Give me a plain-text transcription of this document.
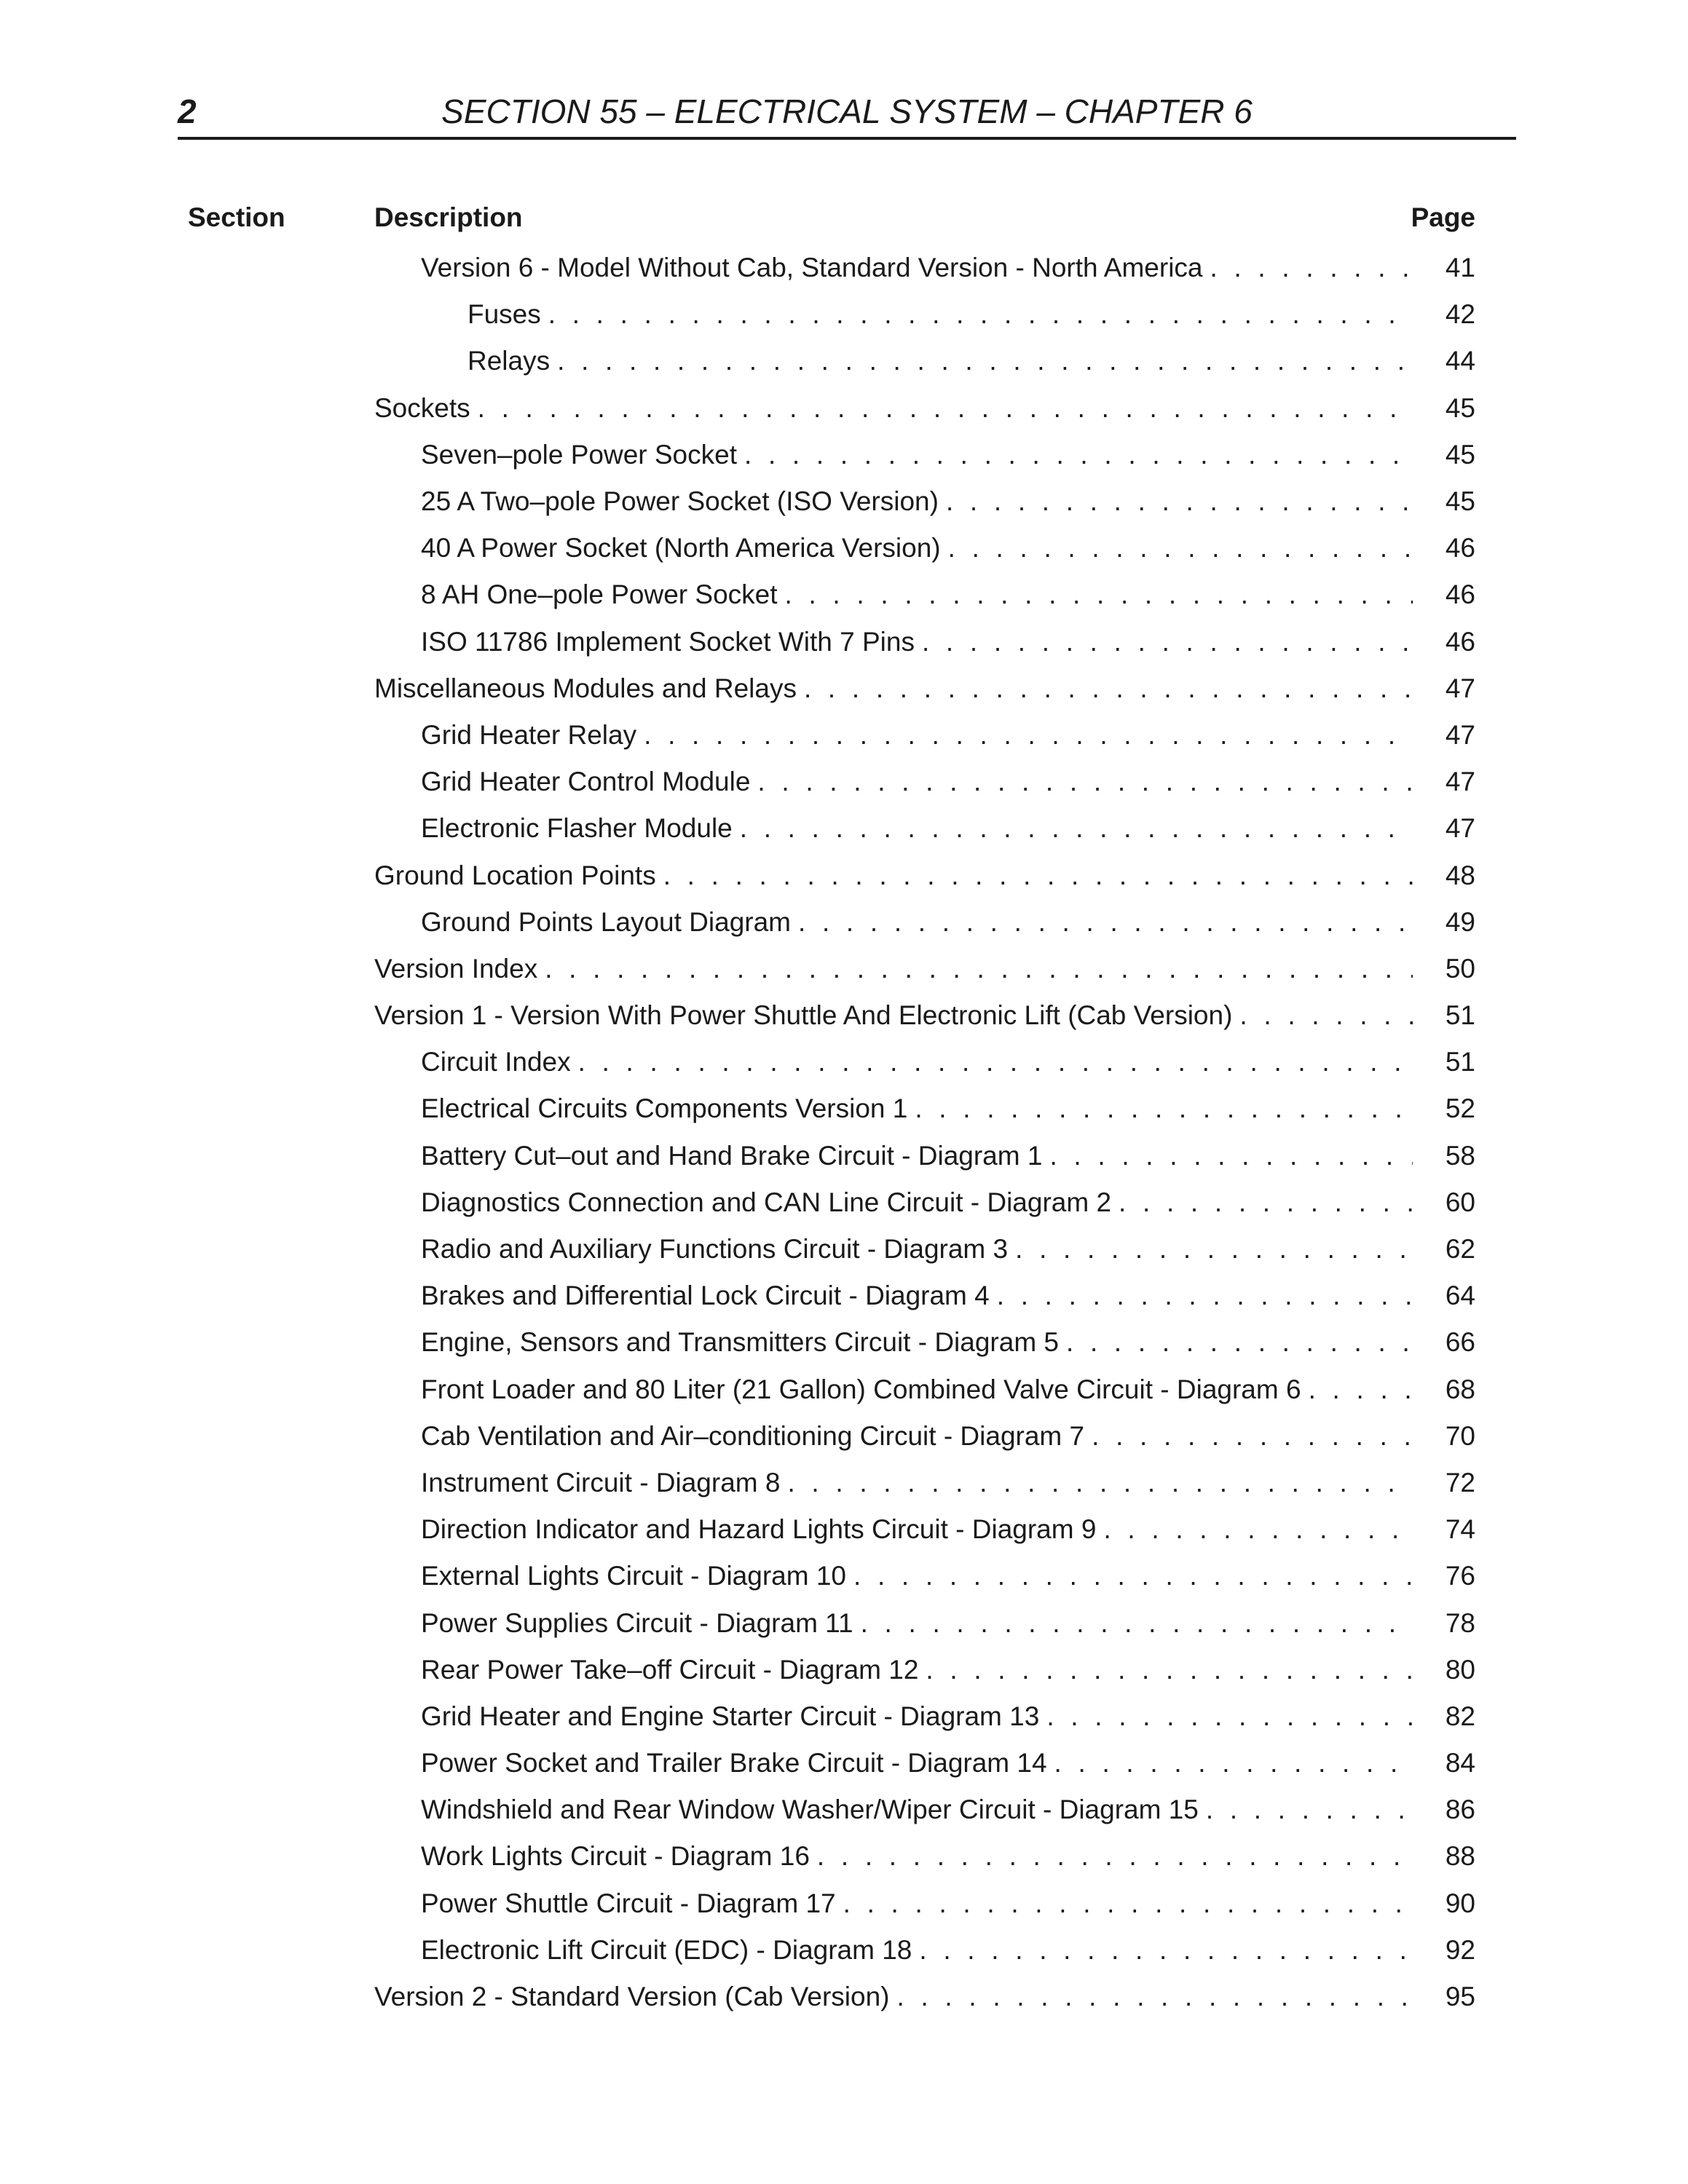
2	SECTION 55 – ELECTRICAL SYSTEM – CHAPTER 6
Section	Description	Page
Version 6 - Model Without Cab, Standard Version - North America . . .	41
Fuses . . .	42
Relays . . .	44
Sockets . . .	45
Seven–pole Power Socket . . .	45
25 A Two–pole Power Socket (ISO Version) . . .	45
40 A Power Socket (North America Version) . . .	46
8 AH One–pole Power Socket . . .	46
ISO 11786 Implement Socket With 7 Pins . . .	46
Miscellaneous Modules and Relays . . .	47
Grid Heater Relay . . .	47
Grid Heater Control Module . . .	47
Electronic Flasher Module . . .	47
Ground Location Points . . .	48
Ground Points Layout Diagram . . .	49
Version Index . . .	50
Version 1 - Version With Power Shuttle And Electronic Lift (Cab Version) . . .	51
Circuit Index . . .	51
Electrical Circuits Components Version 1 . . .	52
Battery Cut–out and Hand Brake Circuit - Diagram 1 . . .	58
Diagnostics Connection and CAN Line Circuit - Diagram 2 . . .	60
Radio and Auxiliary Functions Circuit - Diagram 3 . . .	62
Brakes and Differential Lock Circuit - Diagram 4 . . .	64
Engine, Sensors and Transmitters Circuit - Diagram 5 . . .	66
Front Loader and 80 Liter (21 Gallon) Combined Valve Circuit - Diagram 6 . . .	68
Cab Ventilation and Air–conditioning Circuit - Diagram 7 . . .	70
Instrument Circuit - Diagram 8 . . .	72
Direction Indicator and Hazard Lights Circuit - Diagram 9 . . .	74
External Lights Circuit - Diagram 10 . . .	76
Power Supplies Circuit - Diagram 11 . . .	78
Rear Power Take–off Circuit - Diagram 12 . . .	80
Grid Heater and Engine Starter Circuit - Diagram 13 . . .	82
Power Socket and Trailer Brake Circuit - Diagram 14 . . .	84
Windshield and Rear Window Washer/Wiper Circuit - Diagram 15 . . .	86
Work Lights Circuit - Diagram 16 . . .	88
Power Shuttle Circuit - Diagram 17 . . .	90
Electronic Lift Circuit (EDC) - Diagram 18 . . .	92
Version 2 - Standard Version (Cab Version) . . .	95
